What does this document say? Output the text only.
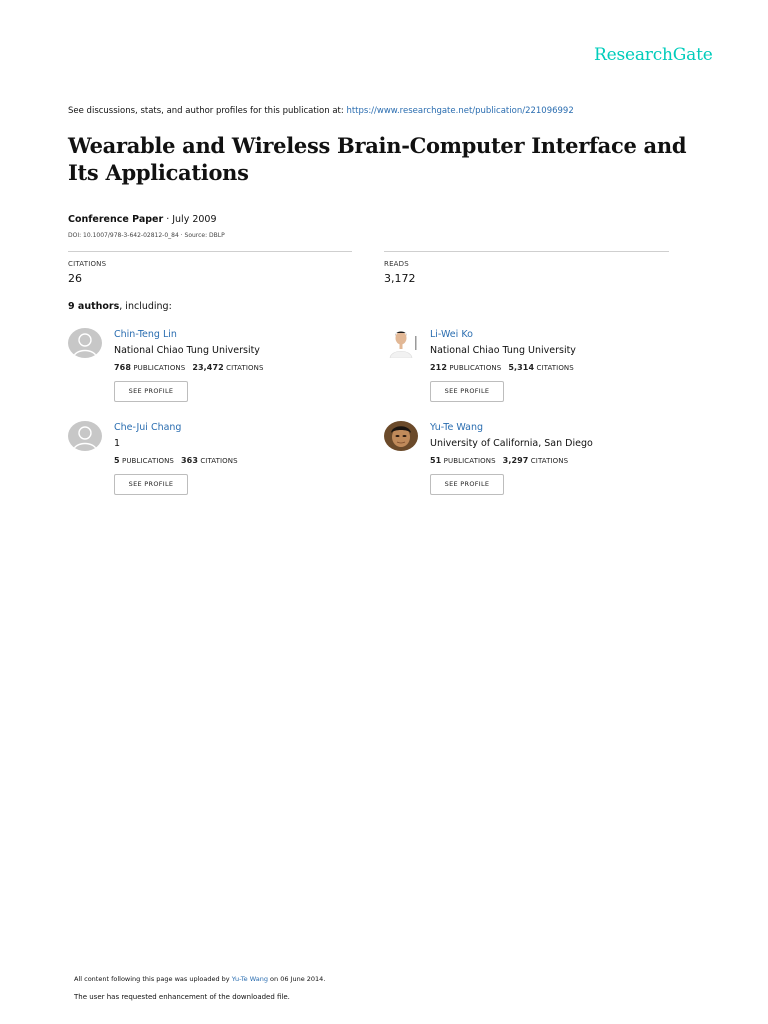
ResearchGate
See discussions, stats, and author profiles for this publication at: https://www.researchgate.net/publication/221096992
Wearable and Wireless Brain-Computer Interface and Its Applications
Conference Paper · July 2009
DOI: 10.1007/978-3-642-02812-0_84 · Source: DBLP
CITATIONS
26
READS
3,172
9 authors, including:
Chin-Teng Lin
National Chiao Tung University
768 PUBLICATIONS 23,472 CITATIONS
SEE PROFILE
Li-Wei Ko
National Chiao Tung University
212 PUBLICATIONS 5,314 CITATIONS
SEE PROFILE
Che-Jui Chang
1
5 PUBLICATIONS 363 CITATIONS
SEE PROFILE
Yu-Te Wang
University of California, San Diego
51 PUBLICATIONS 3,297 CITATIONS
SEE PROFILE
All content following this page was uploaded by Yu-Te Wang on 06 June 2014.
The user has requested enhancement of the downloaded file.
